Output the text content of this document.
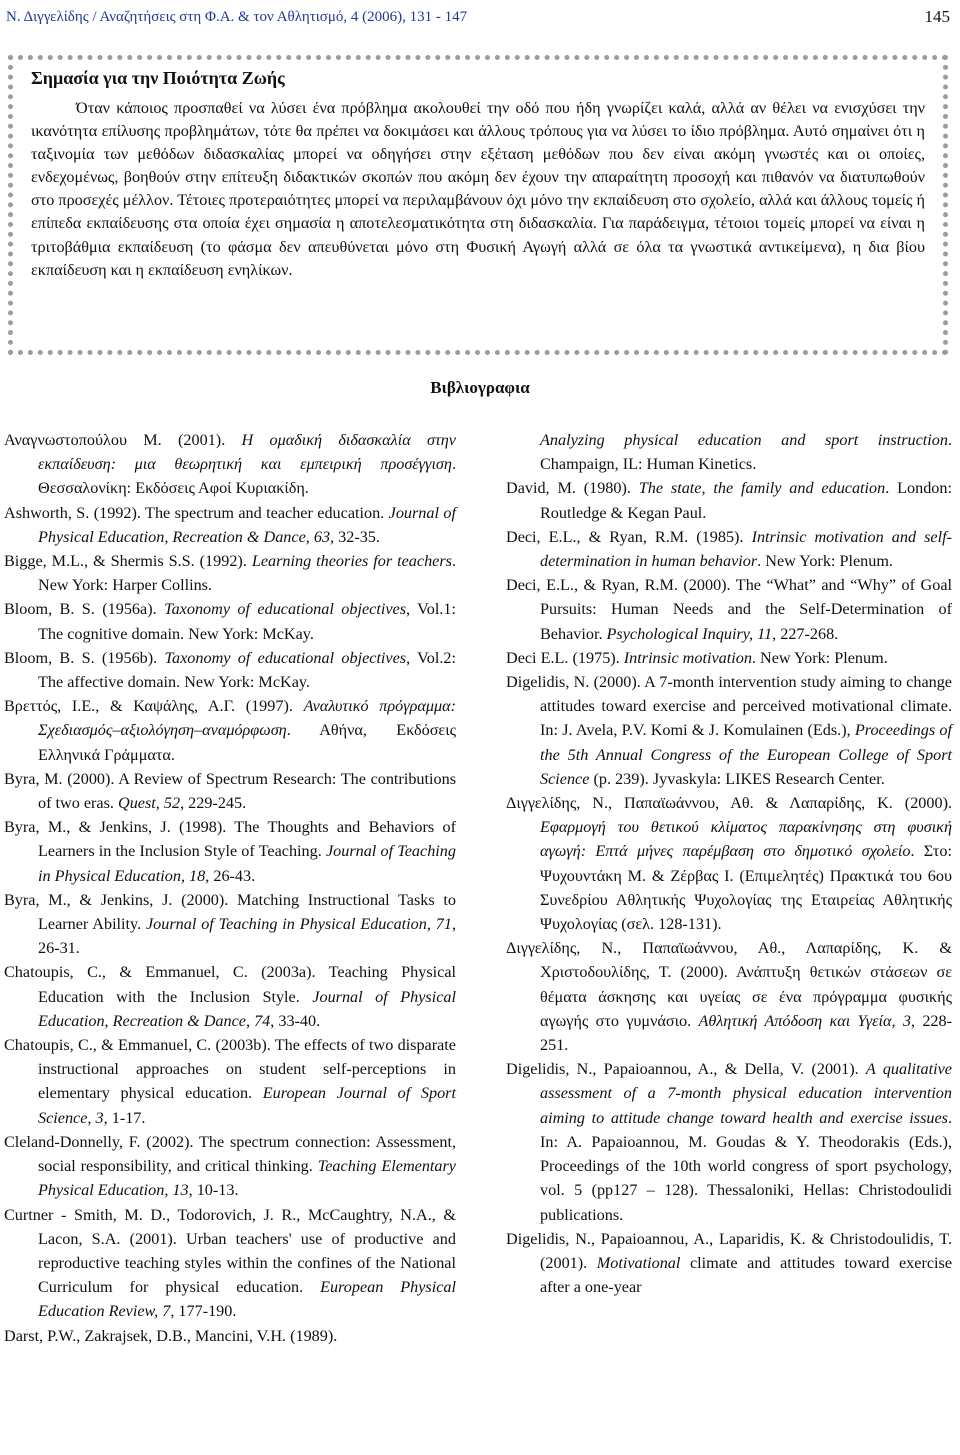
Ν. Διγγελίδης / Αναζητήσεις στη Φ.Α. & τον Αθλητισμό, 4 (2006), 131 - 147	145
Σημασία για την Ποιότητα Ζωής

Όταν κάποιος προσπαθεί να λύσει ένα πρόβλημα ακολουθεί την οδό που ήδη γνωρίζει καλά, αλλά αν θέλει να ενισχύσει την ικανότητα επίλυσης προβλημάτων, τότε θα πρέπει να δοκιμάσει και άλλους τρόπους για να λύσει το ίδιο πρόβλημα. Αυτό σημαίνει ότι η ταξινομία των μεθόδων διδασκαλίας μπορεί να οδηγήσει στην εξέταση μεθόδων που δεν είναι ακόμη γνωστές και οι οποίες, ενδεχομένως, βοηθούν στην επίτευξη διδακτικών σκοπών που ακόμη δεν έχουν την απαραίτητη προσοχή και πιθανόν να διατυπωθούν στο προσεχές μέλλον. Τέτοιες προτεραιότητες μπορεί να περιλαμβάνουν όχι μόνο την εκπαίδευση στο σχολείο, αλλά και άλλους τομείς ή επίπεδα εκπαίδευσης στα οποία έχει σημασία η αποτελεσματικότητα στη διδασκαλία. Για παράδειγμα, τέτοιοι τομείς μπορεί να είναι η τριτοβάθμια εκπαίδευση (το φάσμα δεν απευθύνεται μόνο στη Φυσική Αγωγή αλλά σε όλα τα γνωστικά αντικείμενα), η δια βίου εκπαίδευση και η εκπαίδευση ενηλίκων.

Βιβλιογραφια
Αναγνωστοπούλου Μ. (2001). Η ομαδική διδασκαλία στην εκπαίδευση: μια θεωρητική και εμπειρική προσέγγιση. Θεσσαλονίκη: Εκδόσεις Αφοί Κυριακίδη.
Ashworth, S. (1992). The spectrum and teacher education. Journal of Physical Education, Recreation & Dance, 63, 32-35.
Bigge, M.L., & Shermis S.S. (1992). Learning theories for teachers. New York: Harper Collins.
Bloom, B. S. (1956a). Taxonomy of educational objectives, Vol.1: The cognitive domain. New York: McKay.
Bloom, B. S. (1956b). Taxonomy of educational objectives, Vol.2: The affective domain. New York: McKay.
Βρεττός, Ι.Ε., & Καψάλης, Α.Γ. (1997). Αναλυτικό πρόγραμμα: Σχεδιασμός–αξιολόγηση–αναμόρφωση. Αθήνα, Εκδόσεις Ελληνικά Γράμματα.
Byra, M. (2000). A Review of Spectrum Research: The contributions of two eras. Quest, 52, 229-245.
Byra, M., & Jenkins, J. (1998). The Thoughts and Behaviors of Learners in the Inclusion Style of Teaching. Journal of Teaching in Physical Education, 18, 26-43.
Byra, M., & Jenkins, J. (2000). Matching Instructional Tasks to Learner Ability. Journal of Teaching in Physical Education, 71, 26-31.
Chatoupis, C., & Emmanuel, C. (2003a). Teaching Physical Education with the Inclusion Style. Journal of Physical Education, Recreation & Dance, 74, 33-40.
Chatoupis, C., & Emmanuel, C. (2003b). The effects of two disparate instructional approaches on student self-perceptions in elementary physical education. European Journal of Sport Science, 3, 1-17.
Cleland-Donnelly, F. (2002). The spectrum connection: Assessment, social responsibility, and critical thinking. Teaching Elementary Physical Education, 13, 10-13.
Curtner - Smith, M. D., Todorovich, J. R., McCaughtry, N.A., & Lacon, S.A. (2001). Urban teachers' use of productive and reproductive teaching styles within the confines of the National Curriculum for physical education. European Physical Education Review, 7, 177-190.
Darst, P.W., Zakrajsek, D.B., Mancini, V.H. (1989).
Analyzing physical education and sport instruction. Champaign, IL: Human Kinetics.
David, M. (1980). The state, the family and education. London: Routledge & Kegan Paul.
Deci, E.L., & Ryan, R.M. (1985). Intrinsic motivation and self-determination in human behavior. New York: Plenum.
Deci, E.L., & Ryan, R.M. (2000). The “What” and “Why” of Goal Pursuits: Human Needs and the Self-Determination of Behavior. Psychological Inquiry, 11, 227-268.
Deci E.L. (1975). Intrinsic motivation. New York: Plenum.
Digelidis, N. (2000). A 7-month intervention study aiming to change attitudes toward exercise and perceived motivational climate. In: J. Avela, P.V. Komi & J. Komulainen (Eds.), Proceedings of the 5th Annual Congress of the European College of Sport Science (p. 239). Jyvaskyla: LIKES Research Center.
Διγγελίδης, Ν., Παπαϊωάννου, Αθ. & Λαπαρίδης, Κ. (2000). Εφαρμογή του θετικού κλίματος παρακίνησης στη φυσική αγωγή: Επτά μήνες παρέμβαση στο δημοτικό σχολείο. Στο: Ψυχουντάκη Μ. & Ζέρβας Ι. (Επιμελητές) Πρακτικά του 6ου Συνεδρίου Αθλητικής Ψυχολογίας της Εταιρείας Αθλητικής Ψυχολογίας (σελ. 128-131).
Διγγελίδης, Ν., Παπαϊωάννου, Αθ., Λαπαρίδης, Κ. & Χριστοδουλίδης, Τ. (2000). Ανάπτυξη θετικών στάσεων σε θέματα άσκησης και υγείας σε ένα πρόγραμμα φυσικής αγωγής στο γυμνάσιο. Αθλητική Απόδοση και Υγεία, 3, 228-251.
Digelidis, N., Papaioannou, A., & Della, V. (2001). A qualitative assessment of a 7-month physical education intervention aiming to attitude change toward health and exercise issues. In: A. Papaioannou, M. Goudas & Y. Theodorakis (Eds.), Proceedings of the 10th world congress of sport psychology, vol. 5 (pp127 – 128). Thessaloniki, Hellas: Christodoulidi publications.
Digelidis, N., Papaioannou, A., Laparidis, K. & Christodoulidis, T. (2001). Motivational climate and attitudes toward exercise after a one-year
